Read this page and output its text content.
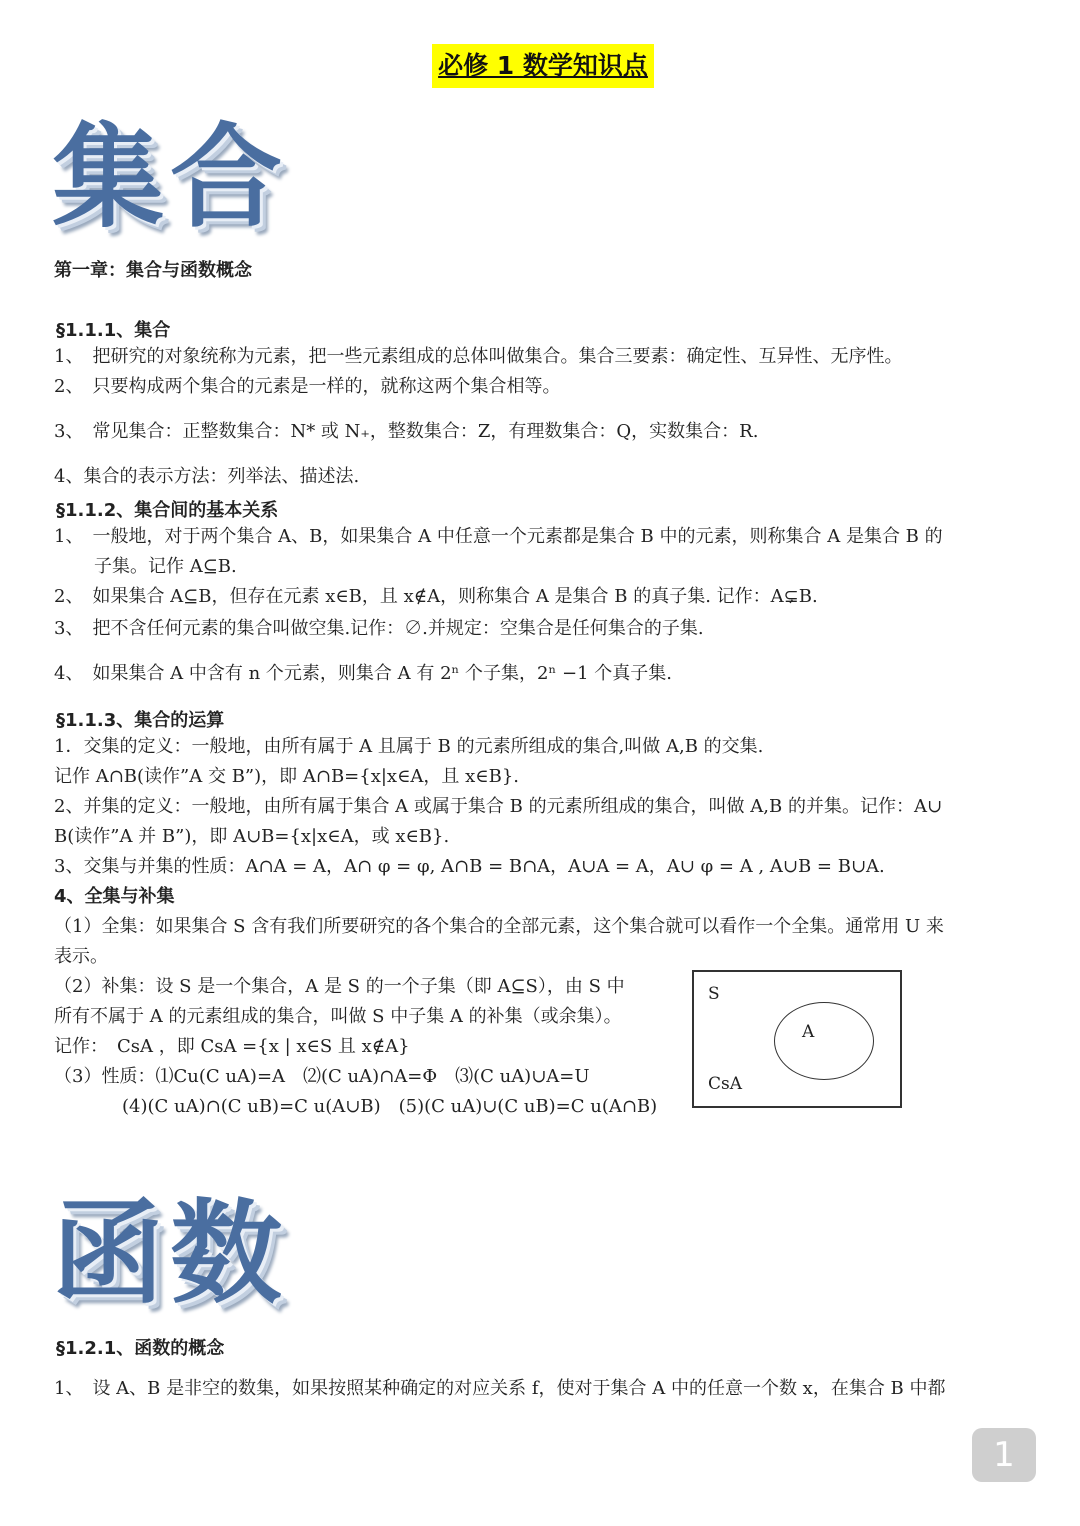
必修 1 数学知识点
集合
第一章：集合与函数概念
§1.1.1、集合
1、　把研究的对象统称为元素，把一些元素组成的总体叫做集合。集合三要素：确定性、互异性、无序性。
2、　只要构成两个集合的元素是一样的，就称这两个集合相等。
3、　常见集合：正整数集合：N* 或 N₊，整数集合：Z，有理数集合：Q，实数集合：R.
4、集合的表示方法：列举法、描述法.
§1.1.2、集合间的基本关系
1、　一般地，对于两个集合 A、B，如果集合 A 中任意一个元素都是集合 B 中的元素，则称集合 A 是集合 B 的
子集。记作 A⊆B.
2、　如果集合 A⊆B，但存在元素 x∈B，且 x∉A，则称集合 A 是集合 B 的真子集. 记作：A⊊B.
3、　把不含任何元素的集合叫做空集.记作：∅.并规定：空集合是任何集合的子集.
4、　如果集合 A 中含有 n 个元素，则集合 A 有 2ⁿ 个子集，2ⁿ −1 个真子集.
§1.1.3、集合的运算
1．交集的定义：一般地，由所有属于 A 且属于 B 的元素所组成的集合,叫做 A,B 的交集.
记作 A∩B(读作”A 交 B”)，即 A∩B={x|x∈A，且 x∈B}.
2、并集的定义：一般地，由所有属于集合 A 或属于集合 B 的元素所组成的集合，叫做 A,B 的并集。记作：A∪
B(读作”A 并 B”)，即 A∪B={x|x∈A，或 x∈B}.
3、交集与并集的性质：A∩A = A，A∩ φ = φ, A∩B = B∩A，A∪A = A，A∪ φ = A , A∪B = B∪A.
4、全集与补集
（1）全集：如果集合 S 含有我们所要研究的各个集合的全部元素，这个集合就可以看作一个全集。通常用 U 来
表示。
（2）补集：设 S 是一个集合，A 是 S 的一个子集（即 A⊆S），由 S 中
所有不属于 A 的元素组成的集合，叫做 S 中子集 A 的补集（或余集）。
记作：　CsA ，即 CsA ={x | x∈S 且 x∉A}
（3）性质：⑴Cu(C uA)=A　⑵(C uA)∩A=Φ　⑶(C uA)∪A=U
(4)(C uA)∩(C uB)=C u(A∪B)　(5)(C uA)∪(C uB)=C u(A∩B)
S
A
CsA
函数
§1.2.1、函数的概念
1、　设 A、B 是非空的数集，如果按照某种确定的对应关系 f，使对于集合 A 中的任意一个数 x，在集合 B 中都
1
